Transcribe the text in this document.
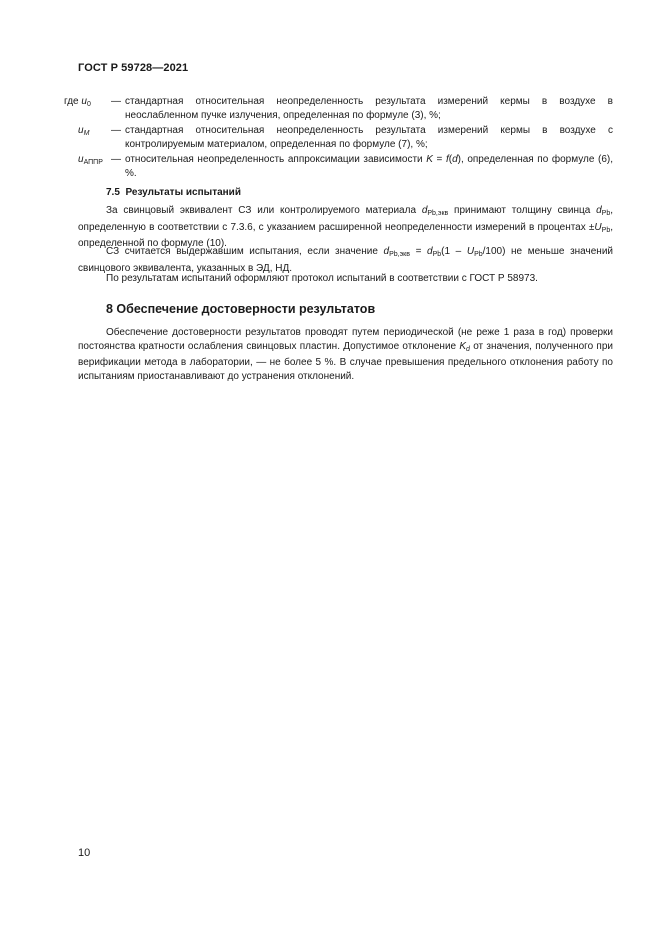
ГОСТ Р 59728—2021
где $u_0$	— стандартная относительная неопределенность результата измерений кермы в воздухе в неослабленном пучке излучения, определенная по формуле (3), %;
$u_M$	— стандартная относительная неопределенность результата измерений кермы в воздухе с контролируемым материалом, определенная по формуле (7), %;
$u_{АППР}$ — относительная неопределенность аппроксимации зависимости K = f(d), определенная по формуле (6), %.
7.5 Результаты испытаний
За свинцовый эквивалент СЗ или контролируемого материала $d_{Pb,экв}$ принимают толщину свинца $d_{Pb}$, определенную в соответствии с 7.3.6, с указанием расширенной неопределенности измерений в процентах $\pm U_{Pb}$, определенной по формуле (10).
СЗ считается выдержавшим испытания, если значение $d_{Pb,экв} = d_{Pb}(1 - U_{Pb}/100)$ не меньше значений свинцового эквивалента, указанных в ЭД, НД.
По результатам испытаний оформляют протокол испытаний в соответствии с ГОСТ Р 58973.
8 Обеспечение достоверности результатов
Обеспечение достоверности результатов проводят путем периодической (не реже 1 раза в год) проверки постоянства кратности ослабления свинцовых пластин. Допустимое отклонение $K_d$ от значения, полученного при верификации метода в лаборатории, — не более 5 %. В случае превышения предельного отклонения работу по испытаниям приостанавливают до устранения отклонений.
10
